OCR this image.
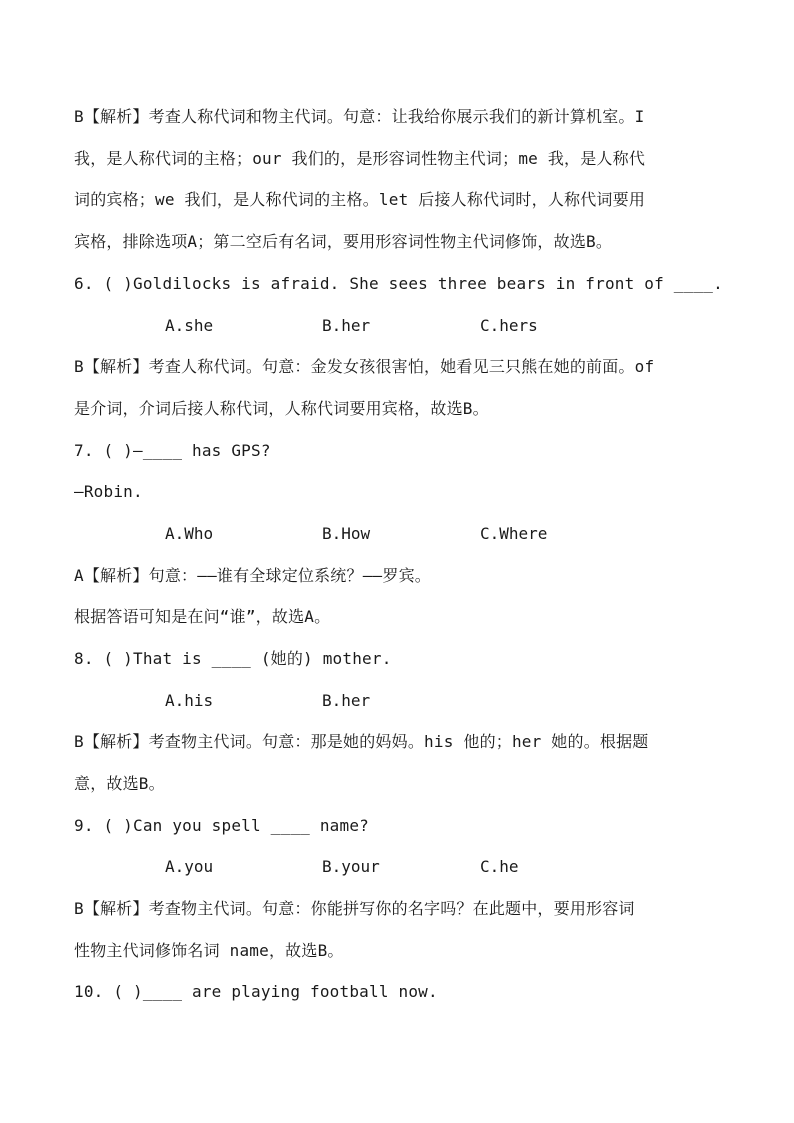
B【解析】考查人称代词和物主代词。句意：让我给你展示我们的新计算机室。I
我，是人称代词的主格；our 我们的，是形容词性物主代词；me 我，是人称代
词的宾格；we 我们，是人称代词的主格。let 后接人称代词时，人称代词要用
宾格，排除选项A；第二空后有名词，要用形容词性物主代词修饰，故选B。
6. ( )Goldilocks is afraid. She sees three bears in front of ____.
A.she	B.her	C.hers
B【解析】考查人称代词。句意：金发女孩很害怕，她看见三只熊在她的前面。of
是介词，介词后接人称代词，人称代词要用宾格，故选B。
7. ( )—____ has GPS?
—Robin.
A.Who	B.How	C.Where
A【解析】句意：——谁有全球定位系统？——罗宾。
根据答语可知是在问“谁”，故选A。
8. ( )That is ____ (她的) mother.
A.his	B.her
B【解析】考查物主代词。句意：那是她的妈妈。his 他的；her 她的。根据题
意，故选B。
9. ( )Can you spell ____ name?
A.you	B.your	C.he
B【解析】考查物主代词。句意：你能拼写你的名字吗？在此题中，要用形容词
性物主代词修饰名词 name，故选B。
10. ( )____ are playing football now.
